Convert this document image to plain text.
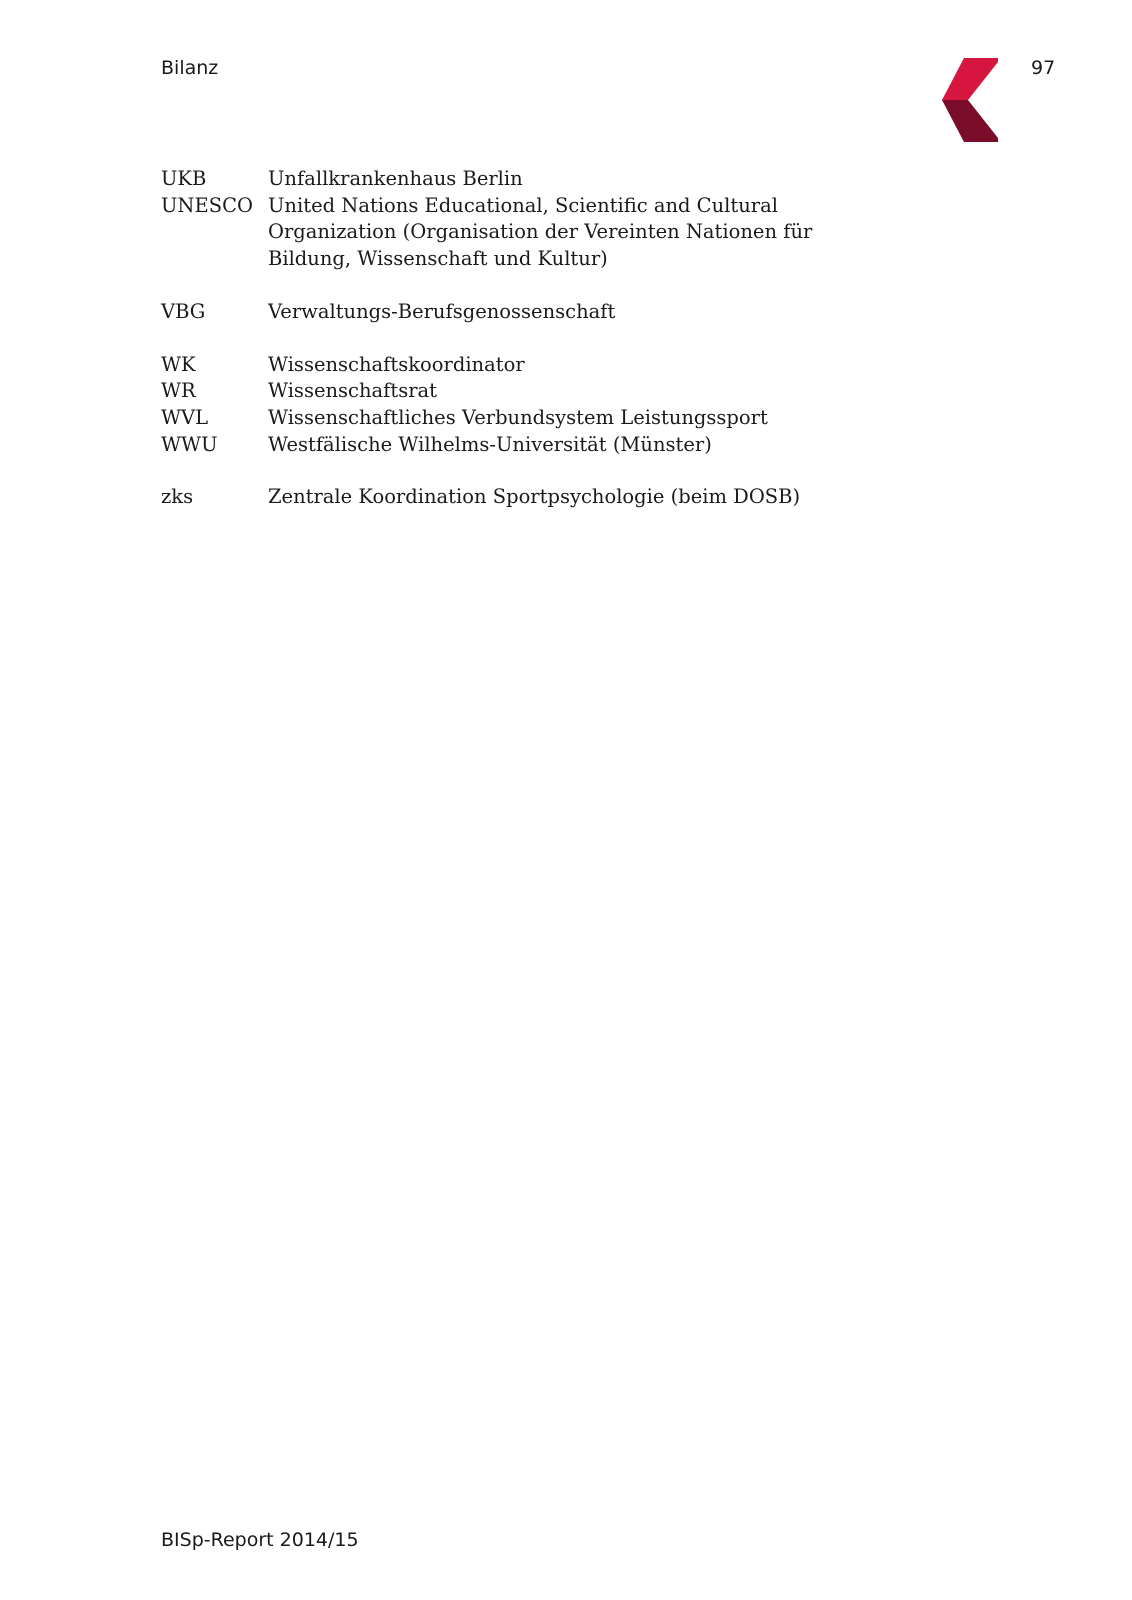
Bilanz	97
UKB	Unfallkrankenhaus Berlin
UNESCO United Nations Educational, Scientific and Cultural Organization (Organisation der Vereinten Nationen für Bildung, Wissenschaft und Kultur)
VBG	Verwaltungs-Berufsgenossenschaft
WK	Wissenschaftskoordinator
WR	Wissenschaftsrat
WVL	Wissenschaftliches Verbundsystem Leistungssport
WWU	Westfälische Wilhelms-Universität (Münster)
zks	Zentrale Koordination Sportpsychologie (beim DOSB)
BISp-Report 2014/15
